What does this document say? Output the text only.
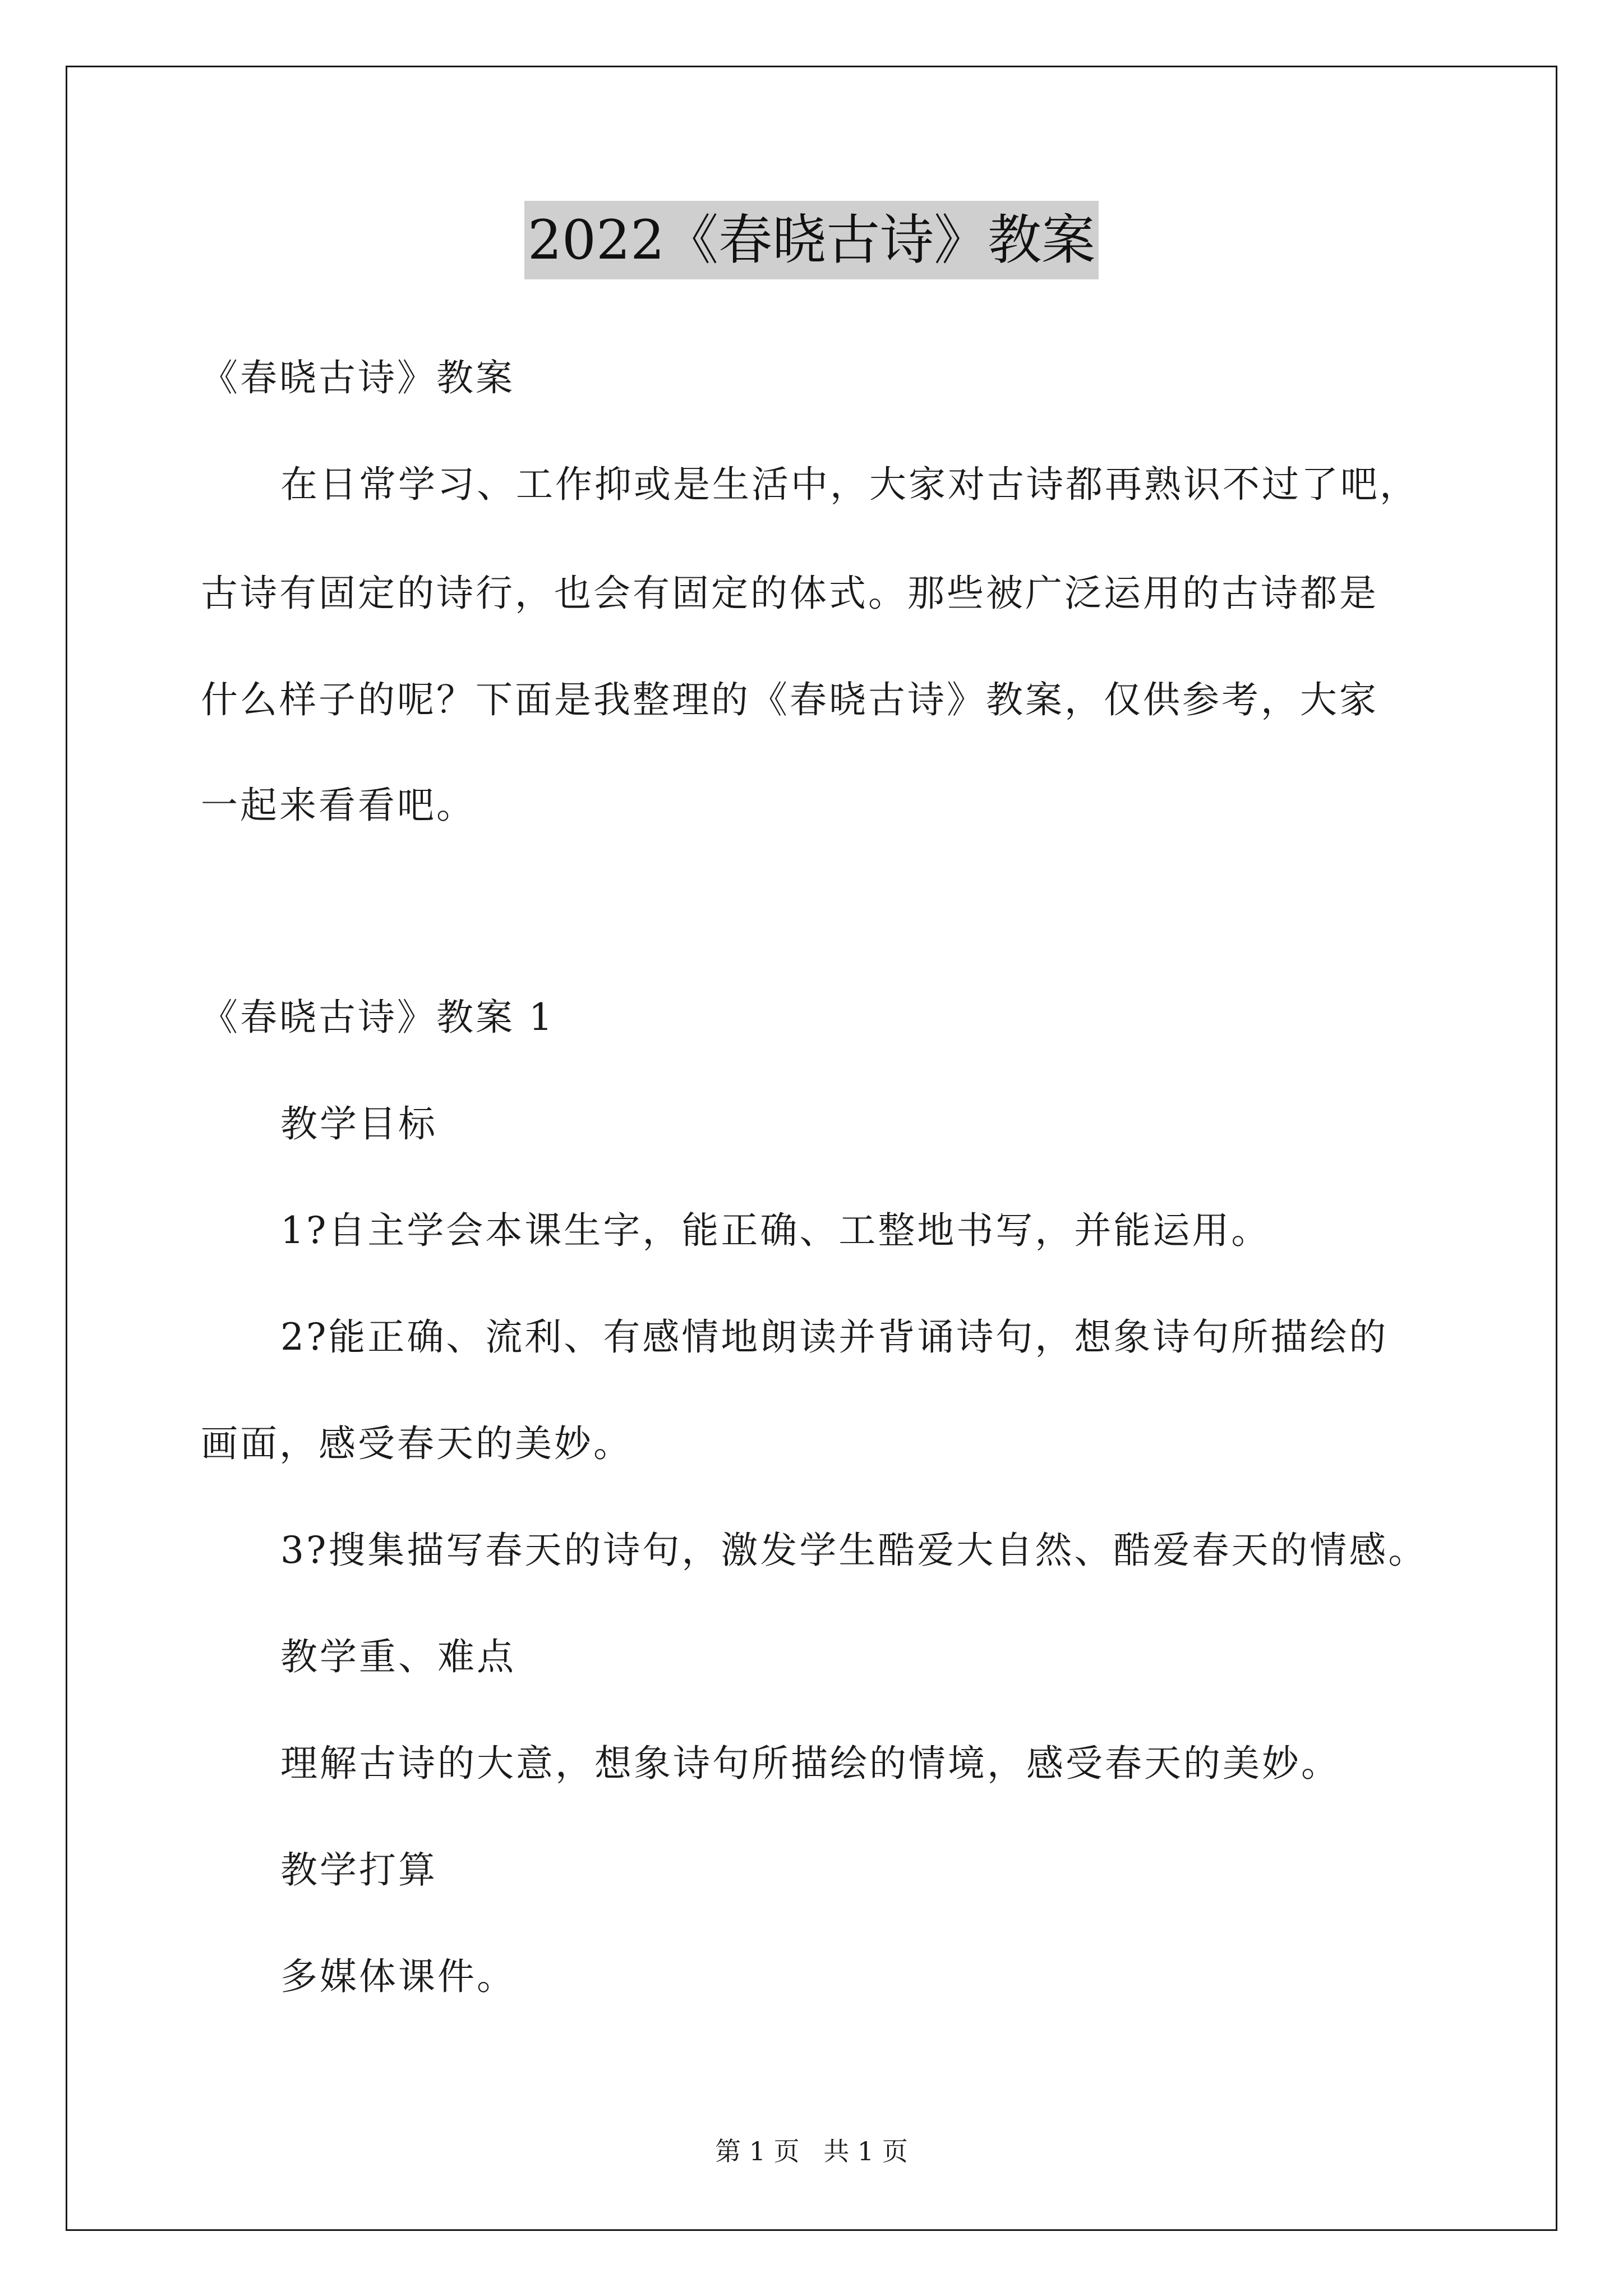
2022《春晓古诗》教案
《春晓古诗》教案
在日常学习、工作抑或是生活中，大家对古诗都再熟识不过了吧，
古诗有固定的诗行，也会有固定的体式。那些被广泛运用的古诗都是
什么样子的呢？下面是我整理的《春晓古诗》教案，仅供参考，大家
一起来看看吧。
《春晓古诗》教案 1
教学目标
1?自主学会本课生字，能正确、工整地书写，并能运用。
2?能正确、流利、有感情地朗读并背诵诗句，想象诗句所描绘的
画面，感受春天的美妙。
3?搜集描写春天的诗句，激发学生酷爱大自然、酷爱春天的情感。
教学重、难点
理解古诗的大意，想象诗句所描绘的情境，感受春天的美妙。
教学打算
多媒体课件。
第 1 页 共 1 页
